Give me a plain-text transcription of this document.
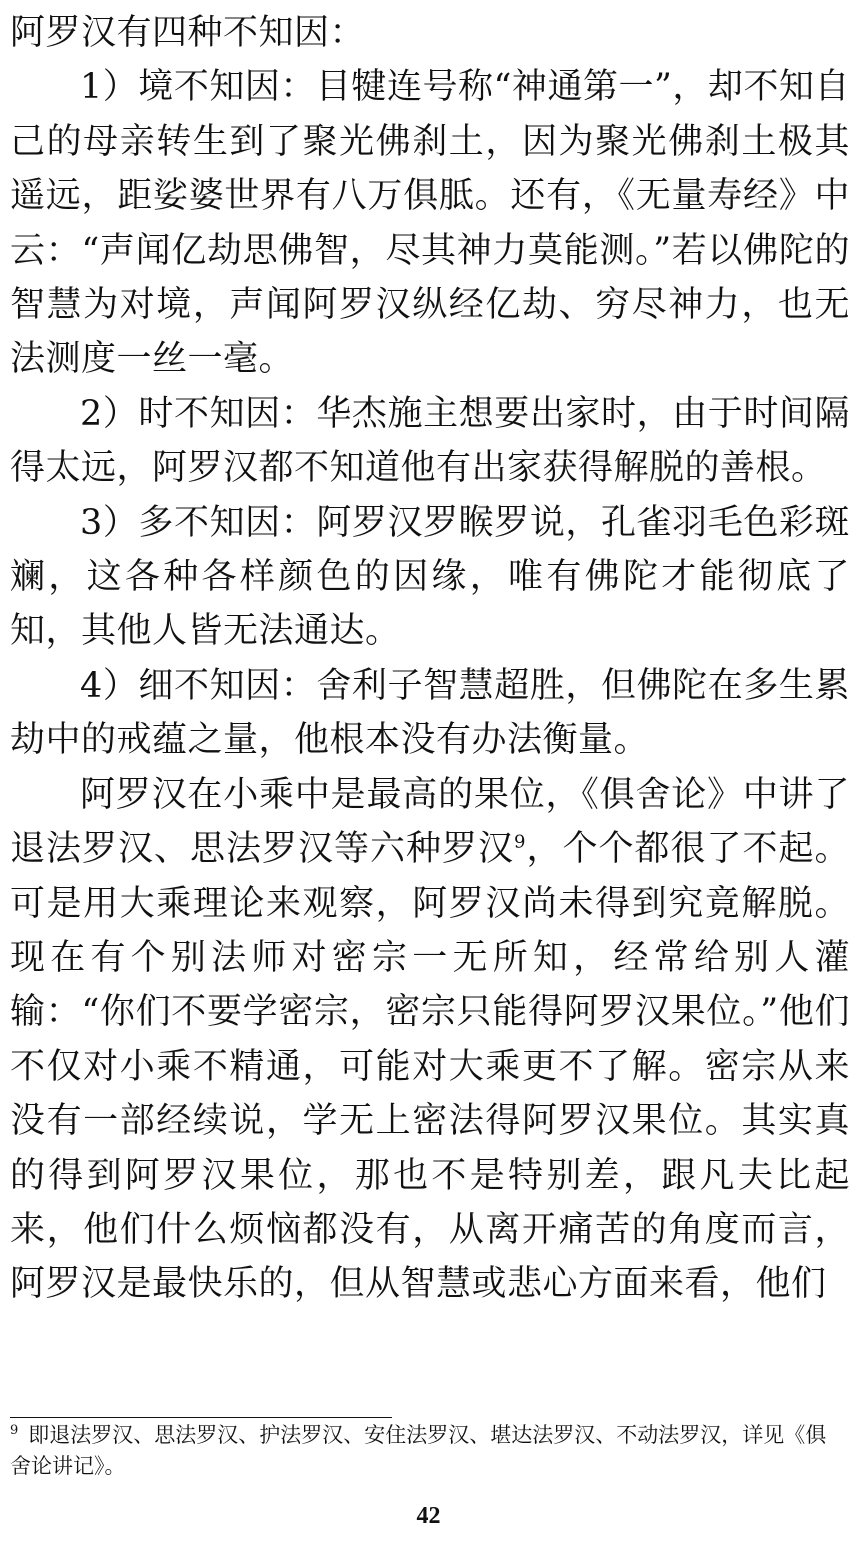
阿罗汉有四种不知因：

1）境不知因：目犍连号称“神通第一”，却不知自己的母亲转生到了聚光佛刹土，因为聚光佛刹土极其遥远，距娑婆世界有八万俱胝。还有，《无量寿经》中云：“声闻亿劫思佛智，尽其神力莫能测。”若以佛陀的智慧为对境，声闻阿罗汉纵经亿劫、穷尽神力，也无法测度一丝一毫。

2）时不知因：华杰施主想要出家时，由于时间隔得太远，阿罗汉都不知道他有出家获得解脱的善根。

3）多不知因：阿罗汉罗睺罗说，孔雀羽毛色彩斑斓，这各种各样颜色的因缘，唯有佛陀才能彻底了知，其他人皆无法通达。

4）细不知因：舍利子智慧超胜，但佛陀在多生累劫中的戒蕴之量，他根本没有办法衡量。

阿罗汉在小乘中是最高的果位，《俱舍论》中讲了退法罗汉、思法罗汉等六种罗汉$^9$，个个都很了不起。可是用大乘理论来观察，阿罗汉尚未得到究竟解脱。现在有个别法师对密宗一无所知，经常给别人灌输：“你们不要学密宗，密宗只能得阿罗汉果位。”他们不仅对小乘不精通，可能对大乘更不了解。密宗从来没有一部经续说，学无上密法得阿罗汉果位。其实真的得到阿罗汉果位，那也不是特别差，跟凡夫比起来，他们什么烦恼都没有，从离开痛苦的角度而言，阿罗汉是最快乐的，但从智慧或悲心方面来看，他们

$^9$ 即退法罗汉、思法罗汉、护法罗汉、安住法罗汉、堪达法罗汉、不动法罗汉，详见《俱舍论讲记》。
42
